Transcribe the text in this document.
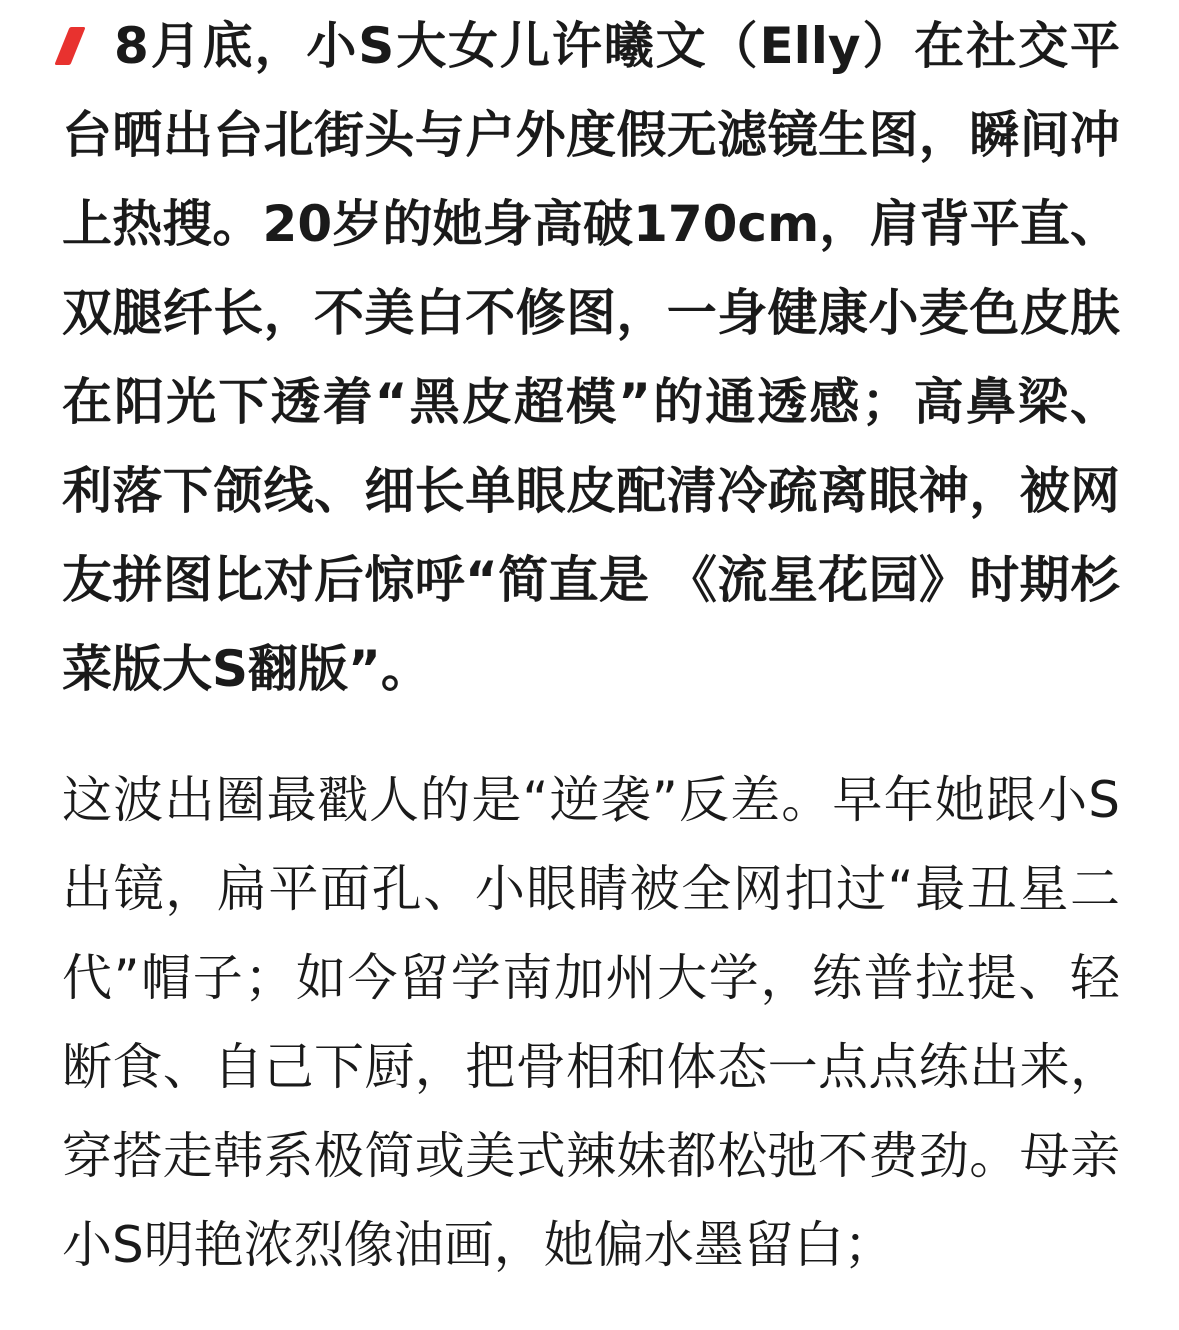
8月底，小S大女儿许曦文（Elly）在社交平台晒出台北街头与户外度假无滤镜生图，瞬间冲上热搜。20岁的她身高破170cm，肩背平直、双腿纤长，不美白不修图，一身健康小麦色皮肤在阳光下透着“黑皮超模”的通透感；高鼻梁、利落下颌线、细长单眼皮配清冷疏离眼神，被网友拼图比对后惊呼“简直是 《流星花园》时期杉菜版大S翻版”。

这波出圈最戳人的是“逆袭”反差。早年她跟小S出镜，扁平面孔、小眼睛被全网扣过“最丑星二代”帽子；如今留学南加州大学，练普拉提、轻断食、自己下厨，把骨相和体态一点点练出来，穿搭走韩系极简或美式辣妹都松弛不费劲。母亲小S明艳浓烈像油画，她偏水墨留白；
